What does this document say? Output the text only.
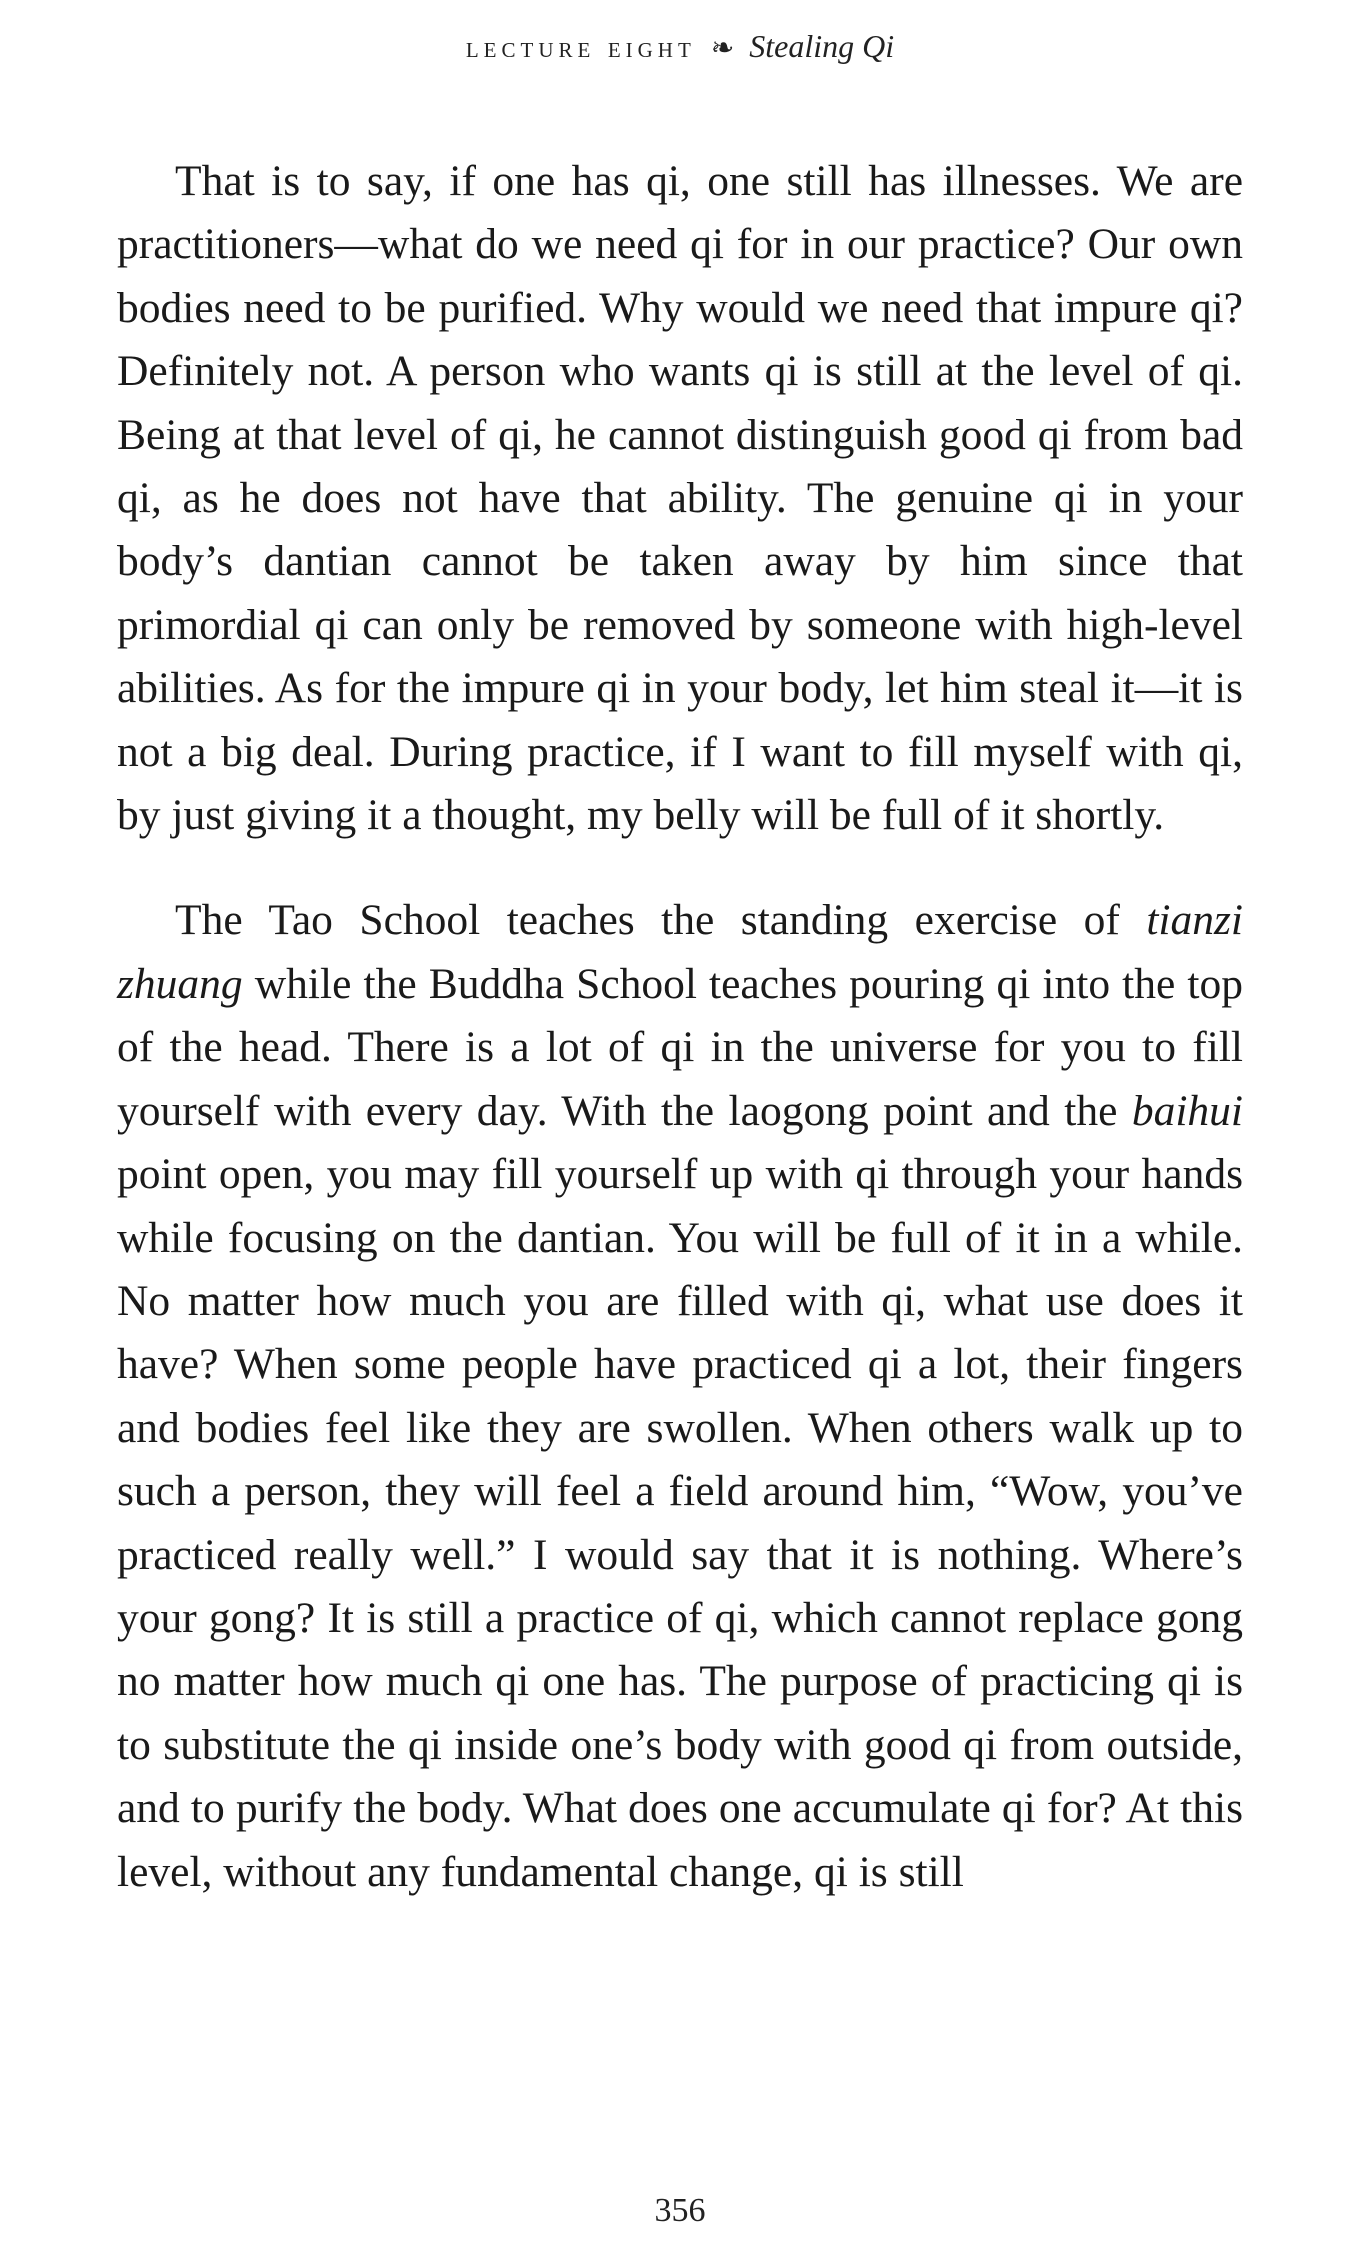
lecture eight ❧ Stealing Qi

That is to say, if one has qi, one still has illnesses. We are practitioners—what do we need qi for in our practice? Our own bodies need to be purified. Why would we need that impure qi? Definitely not. A person who wants qi is still at the level of qi. Being at that level of qi, he cannot distinguish good qi from bad qi, as he does not have that ability. The genuine qi in your body’s dantian cannot be taken away by him since that primordial qi can only be removed by someone with high-level abilities. As for the impure qi in your body, let him steal it—it is not a big deal. During practice, if I want to fill myself with qi, by just giving it a thought, my belly will be full of it shortly.

The Tao School teaches the standing exercise of tianzi zhuang while the Buddha School teaches pouring qi into the top of the head. There is a lot of qi in the universe for you to fill yourself with every day. With the laogong point and the baihui point open, you may fill yourself up with qi through your hands while focusing on the dantian. You will be full of it in a while. No matter how much you are filled with qi, what use does it have? When some people have practiced qi a lot, their fingers and bodies feel like they are swollen. When others walk up to such a person, they will feel a field around him, “Wow, you’ve practiced really well.” I would say that it is nothing. Where’s your gong? It is still a practice of qi, which cannot replace gong no matter how much qi one has. The purpose of practicing qi is to substitute the qi inside one’s body with good qi from outside, and to purify the body. What does one accumulate qi for? At this level, without any fundamental change, qi is still

356
